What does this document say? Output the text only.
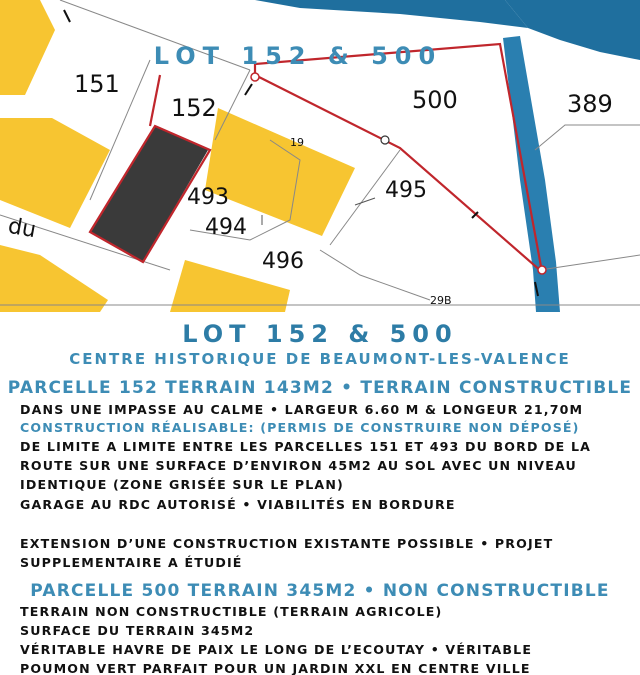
LOT 152 & 500
151
152	500	389
493
494
495
496
19
29B
du
LOT 152 & 500
CENTRE HISTORIQUE DE BEAUMONT-LES-VALENCE
PARCELLE 152 TERRAIN 143M2 • TERRAIN CONSTRUCTIBLE
DANS UNE IMPASSE AU CALME • LARGEUR 6.60 M & LONGEUR 21,70M
CONSTRUCTION RÉALISABLE: (PERMIS DE CONSTRUIRE NON DÉPOSÉ)
DE LIMITE A LIMITE ENTRE LES PARCELLES 151 ET 493 DU BORD DE LA
ROUTE SUR UNE SURFACE D’ENVIRON 45M2 AU SOL AVEC UN NIVEAU
IDENTIQUE (ZONE GRISÉE SUR LE PLAN)
GARAGE AU RDC AUTORISÉ • VIABILITÉS EN BORDURE
EXTENSION D’UNE CONSTRUCTION EXISTANTE POSSIBLE • PROJET
SUPPLEMENTAIRE A ÉTUDIÉ
PARCELLE 500 TERRAIN 345M2 • NON CONSTRUCTIBLE
TERRAIN NON CONSTRUCTIBLE (TERRAIN AGRICOLE)
SURFACE DU TERRAIN 345M2
VÉRITABLE HAVRE DE PAIX LE LONG DE L’ECOUTAY • VÉRITABLE
POUMON VERT PARFAIT POUR UN JARDIN XXL EN CENTRE VILLE
